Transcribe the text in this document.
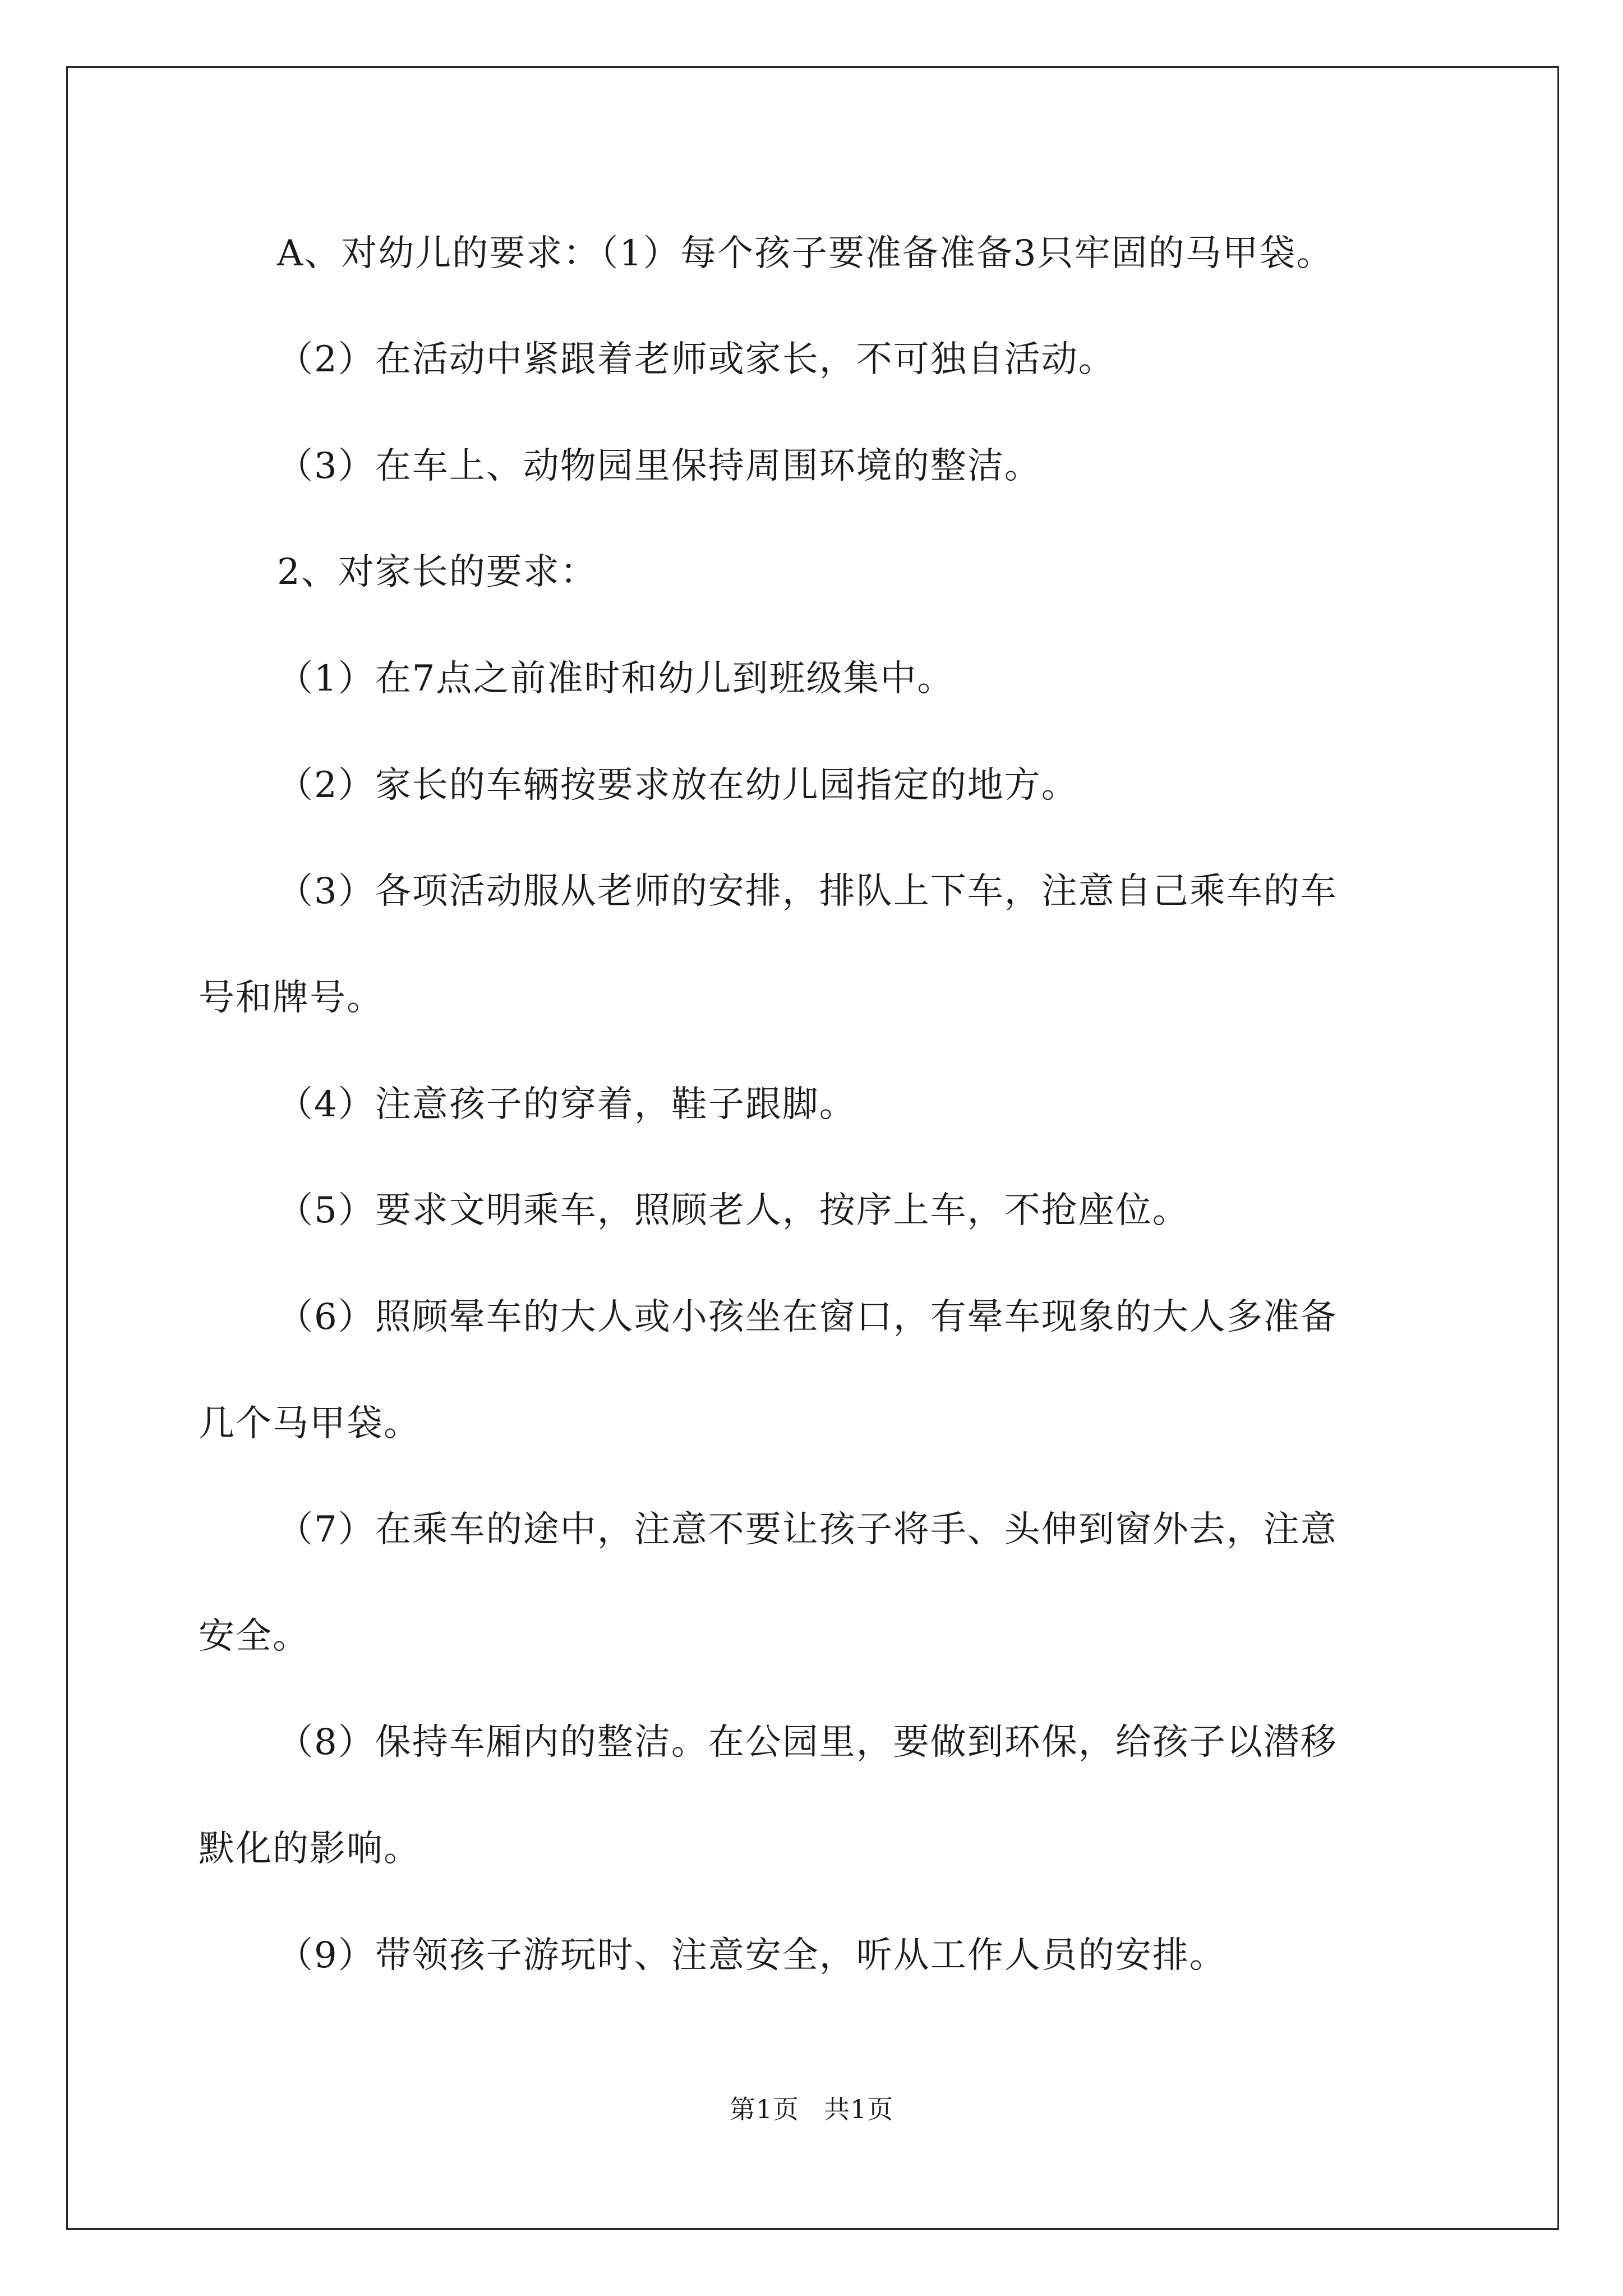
A、对幼儿的要求：（1）每个孩子要准备准备3只牢固的马甲袋。

（2）在活动中紧跟着老师或家长，不可独自活动。

（3）在车上、动物园里保持周围环境的整洁。

2、对家长的要求：

（1）在7点之前准时和幼儿到班级集中。

（2）家长的车辆按要求放在幼儿园指定的地方。

（3）各项活动服从老师的安排，排队上下车，注意自己乘车的车

号和牌号。

（4）注意孩子的穿着，鞋子跟脚。

（5）要求文明乘车，照顾老人，按序上车，不抢座位。

（6）照顾晕车的大人或小孩坐在窗口，有晕车现象的大人多准备

几个马甲袋。

（7）在乘车的途中，注意不要让孩子将手、头伸到窗外去，注意

安全。

（8）保持车厢内的整洁。在公园里，要做到环保，给孩子以潜移

默化的影响。

（9）带领孩子游玩时、注意安全，听从工作人员的安排。

第1页 共1页
